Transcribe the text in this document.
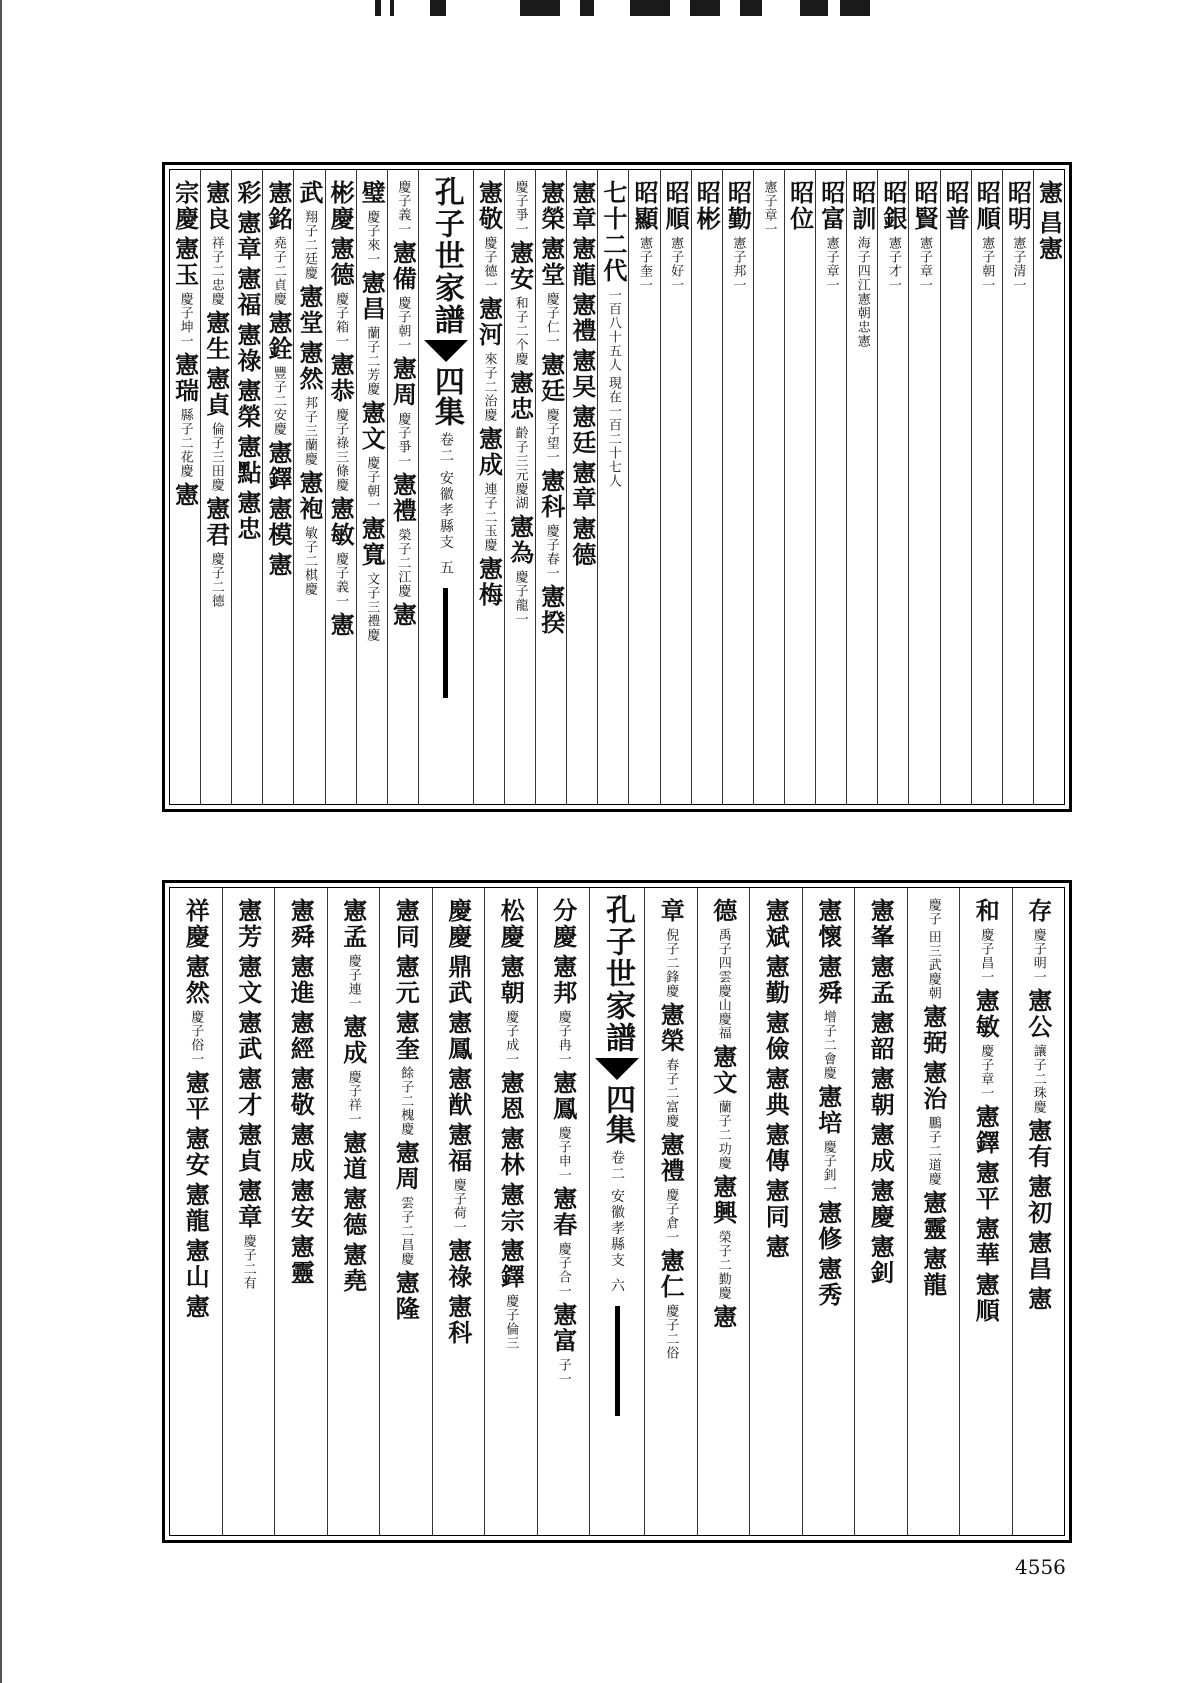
憲
昌憲
昭明
憲子清一
昭順
憲子朝一
昭普
昭賢
憲子章一
昭銀
憲子才一
昭訓
海子四江憲朝忠憲
昭富
憲子章一
昭位
憲子章一
昭勤
憲子邦一
昭彬
昭順
憲子好一
昭顯
憲子奎一
七十二代
一百八十五人
現在一百二十七人
憲章
憲龍
憲禮
憲旲
憲廷
憲章
憲德
憲榮
憲堂
慶子仁一
憲廷
慶子望一
憲科
慶子春一
憲揆
慶子爭一
憲安
和子二个慶
憲忠
齡子三元慶湖
憲為
慶子龍一
憲敬
慶子德一
憲河
來子二治慶
憲成
連子二玉慶
憲梅
孔子世家譜
四集
卷二 安徽孝縣支
五
慶子義一
憲備
慶子朝一
憲周
慶子爭一
憲禮
榮子二江慶
憲
璧
慶子來一
憲昌
蘭子二芳慶
憲文
慶子朝一
憲寬
文子三禮慶
彬慶
憲德
慶子箱一
憲恭
慶子祿三條慶
憲敏
慶子義一
憲
武
翔子二廷慶
憲堂
憲然
邦子三蘭慶
憲袍
敏子二棋慶
憲銘
堯子二貞慶
憲銓
豐子二安慶
憲鐸
憲模
憲
彩
憲章
憲福
憲祿
憲榮
憲點
憲忠
憲良
祥子二忠慶
憲生
憲貞
倫子三田慶
憲君
慶子二德
宗慶
憲玉
慶子坤一
憲瑞
縣子二花慶
憲
存
慶子明一
憲公
讓子二珠慶
憲有
憲初
憲昌
憲
和
慶子昌一
憲敏
慶子章一
憲鐸
憲平
憲華
憲順
慶子
田三武慶朝
憲弼
憲治
鵬子二道慶
憲靈
憲龍
憲峯
憲孟
憲韶
憲朝
憲成
憲慶
憲釗
憲懷
憲舜
增子二會慶
憲培
慶子釗一
憲修
憲秀
憲斌
憲勤
憲儉
憲典
憲傳
憲同
憲
德
禹子四雲慶山慶福
憲文
蘭子二功慶
憲興
榮子二勤慶
憲
章
倪子二鋒慶
憲榮
春子二富慶
憲禮
慶子倉一
憲仁
慶子二俗
孔子世家譜
四集
卷二 安徽孝縣支
六
分慶
憲邦
慶子冉一
憲鳳
慶子申一
憲春
慶子合一
憲富
子一
松慶
憲朝
慶子成一
憲恩
憲林
憲宗
憲鐸
慶子倫三
慶慶
鼎武
憲鳳
憲猷
憲福
慶子荷一
憲祿
憲科
憲同
憲元
憲奎
餘子二槐慶
憲周
雲子二昌慶
憲隆
憲孟
慶子連一
憲成
慶子祥一
憲道
憲德
憲堯
憲舜
憲進
憲經
憲敬
憲成
憲安
憲靈
憲芳
憲文
憲武
憲才
憲貞
憲章
慶子二有
祥慶
憲然
慶子俗一
憲平
憲安
憲龍
憲山
憲
4556
